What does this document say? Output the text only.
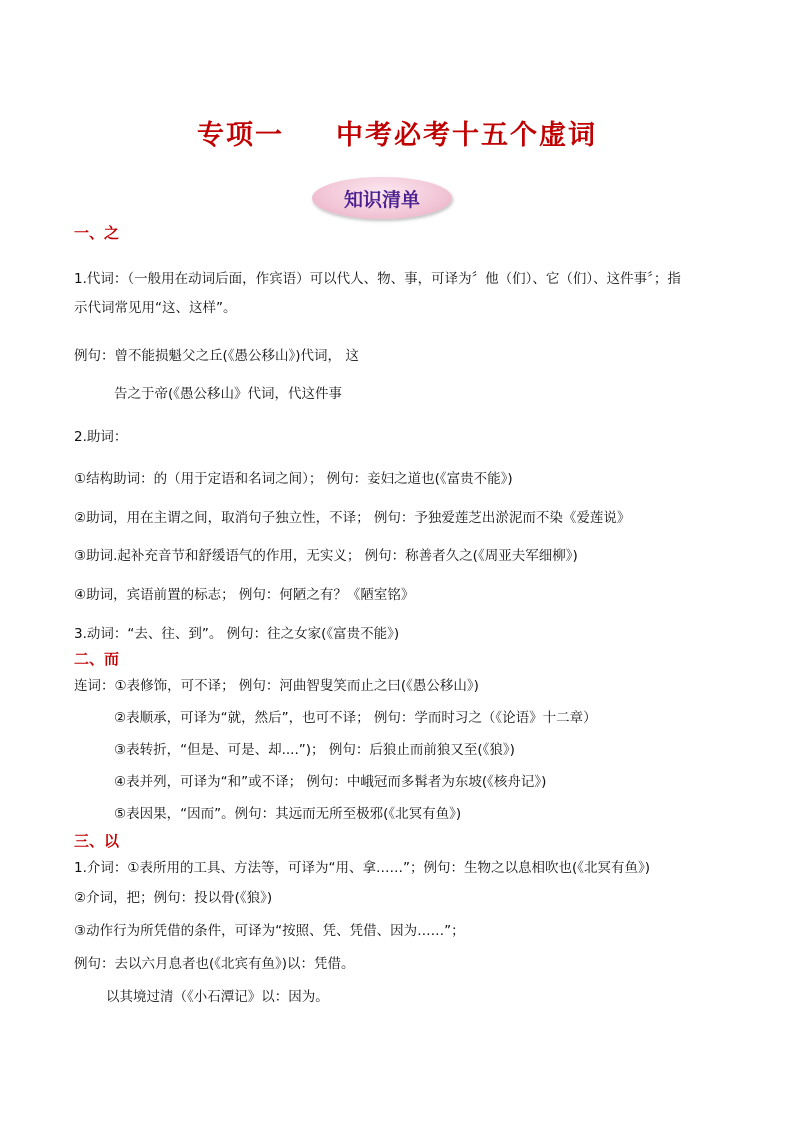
专项一 中考必考十五个虚词
知识清单
一、之
1.代词：（一般用在动词后面，作宾语）可以代人、物、事，可译为〞他（们）、它（们）、这件事〞；指
示代词常见用“这、这样”。
例句：曾不能损魁父之丘(《愚公移山》)代词， 这
告之于帝(《愚公移山》代词，代这件事
2.助词：
①结构助词：的（用于定语和名词之间）； 例句：妾妇之道也(《富贵不能》)
②助词，用在主谓之间，取消句子独立性，不译； 例句：予独爱莲芝出淤泥而不染《爱莲说》
③助词.起补充音节和舒缓语气的作用，无实义； 例句：称善者久之(《周亚夫军细柳》)
④助词，宾语前置的标志； 例句：何陋之有？《陋室铭》
3.动词：“去、往、到”。 例句：往之女家(《富贵不能》)
二、而
连词：①表修饰，可不译； 例句：河曲智叟笑而止之曰(《愚公移山》)
②表顺承，可译为“就，然后”，也可不译； 例句：学而时习之（《论语》十二章）
③表转折，“但是、可是、却....”)； 例句：后狼止而前狼又至(《狼》)
④表并列，可译为“和”或不译； 例句：中峨冠而多髯者为东坡(《核舟记》)
⑤表因果，“因而”。例句：其远而无所至极邪(《北冥有鱼》)
三、以
1.介词：①表所用的工具、方法等，可译为“用、拿……”；例句：生物之以息相吹也(《北冥有鱼》)
②介词，把；例句：投以骨(《狼》)
③动作行为所凭借的条件，可译为“按照、凭、凭借、因为……”；
例句：去以六月息者也(《北宾有鱼》)以：凭借。
以其境过清（《小石潭记》以：因为。
